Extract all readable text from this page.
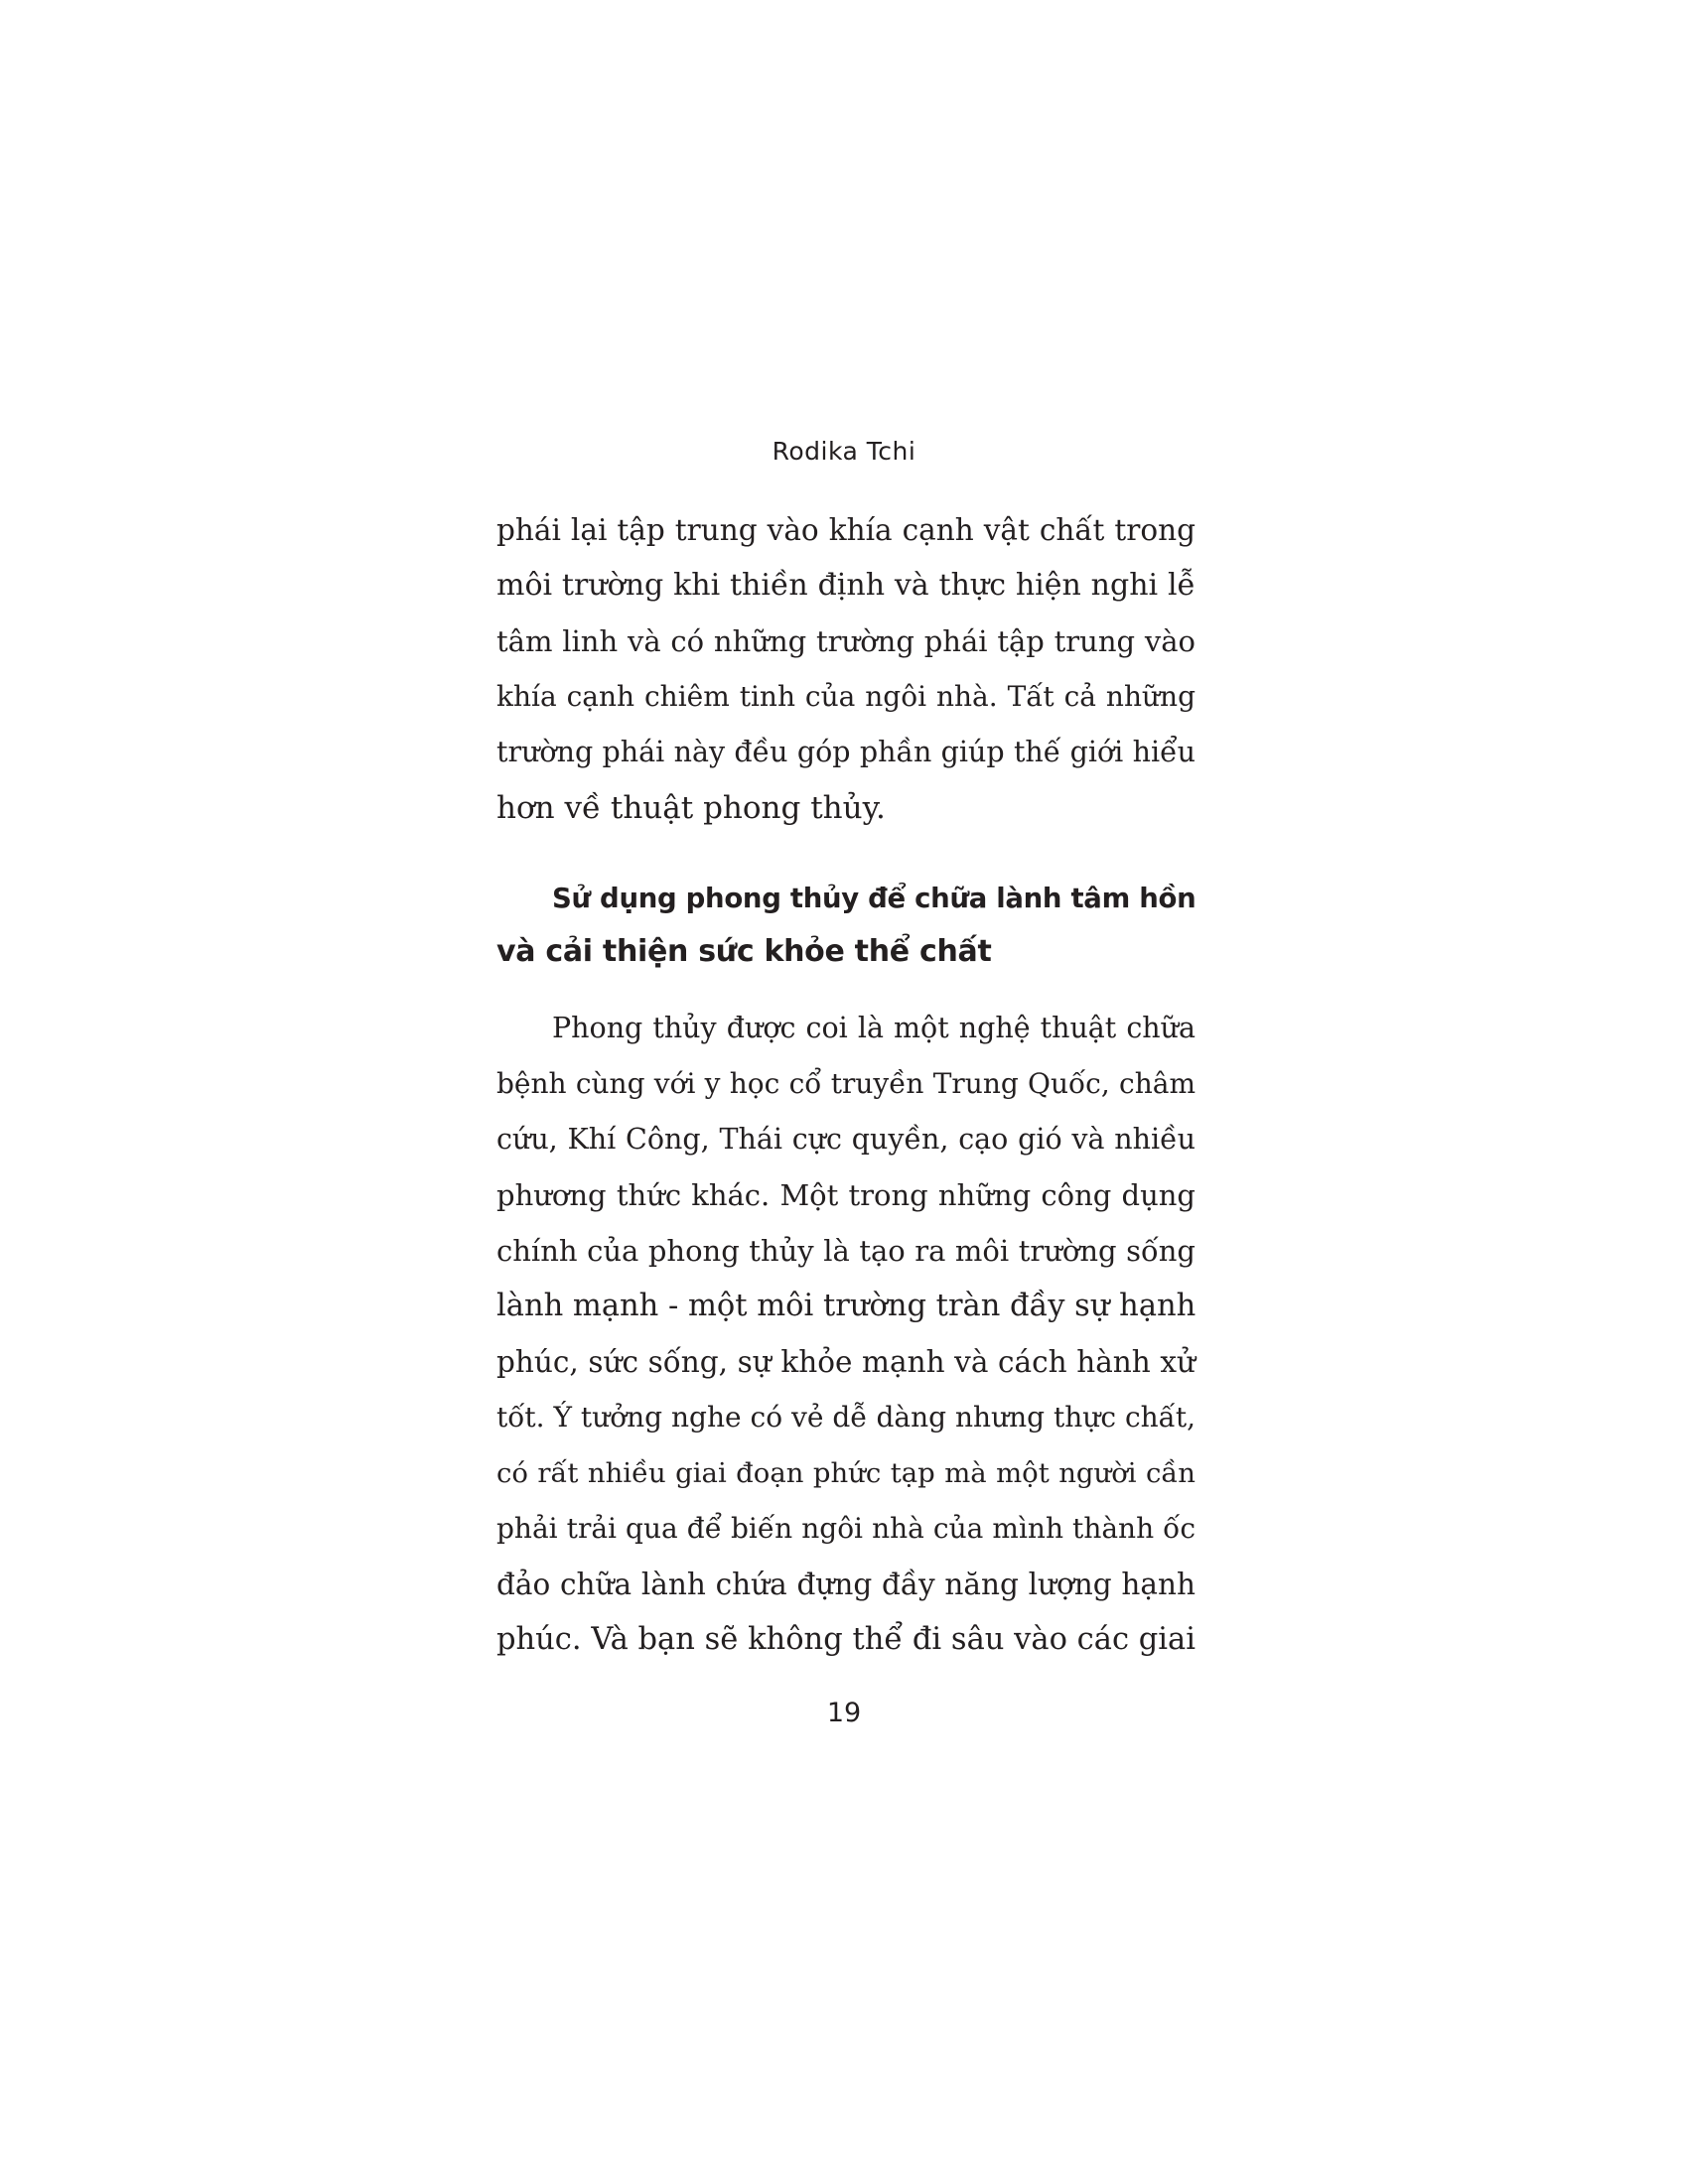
Rodika Tchi
phái lại tập trung vào khía cạnh vật chất trong
môi trường khi thiền định và thực hiện nghi lễ
tâm linh và có những trường phái tập trung vào
khía cạnh chiêm tinh của ngôi nhà. Tất cả những
trường phái này đều góp phần giúp thế giới hiểu
hơn về thuật phong thủy.
Sử dụng phong thủy để chữa lành tâm hồn
và cải thiện sức khỏe thể chất
Phong thủy được coi là một nghệ thuật chữa
bệnh cùng với y học cổ truyền Trung Quốc, châm
cứu, Khí Công, Thái cực quyền, cạo gió và nhiều
phương thức khác. Một trong những công dụng
chính của phong thủy là tạo ra môi trường sống
lành mạnh - một môi trường tràn đầy sự hạnh
phúc, sức sống, sự khỏe mạnh và cách hành xử
tốt. Ý tưởng nghe có vẻ dễ dàng nhưng thực chất,
có rất nhiều giai đoạn phức tạp mà một người cần
phải trải qua để biến ngôi nhà của mình thành ốc
đảo chữa lành chứa đựng đầy năng lượng hạnh
phúc. Và bạn sẽ không thể đi sâu vào các giai
19
